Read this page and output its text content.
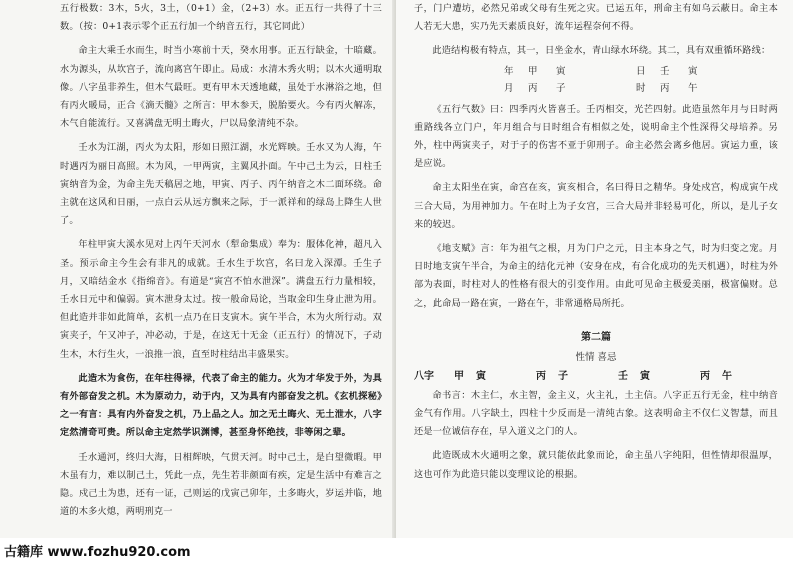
五行极数：3木，5火，3土，（0+1）金，（2+3）水。正五行一共得了十三数。（按：0+1表示零个正五行加一个纳音五行，其它同此）

命主大乘壬水而生，时当小寒前十天，癸水用事。正五行缺金，十暗藏。水为源头，从坎宫子，流向离宫午即止。局成：水清木秀火明；以木火通明取像。八字虽非养生，但木气最旺。更有甲木天透地藏，虽处于水淋浴之地，但有丙火暖局，正合《滴天髓》之所言：甲木参天，脱胎要火。今有丙火解冻，木气自能流行。又喜满盘无明土晦火，尸以局象清纯不杂。

壬水为江湖，丙火为太阳，形如日照江湖，水光辉映。壬水又为人海，午时遇丙为丽日高照。木为风，一甲两寅，主翼风扑面。午中己土为云，日柱壬寅纳音为金，为命主先天稿居之地，甲寅、丙子、丙午纳音之木二面环绕。命主就在这风和日丽，一点白云从远方飘来之际，于一派祥和的绿岛上降生人世了。

年柱甲寅大溪水见对上丙午天河水（犁命集成）奉为：服体化神，超凡入圣。预示命主今生会有非凡的成就。壬水生于坎宫，名曰龙入深潭。壬生子月，又暗结金水《指绵音》。有道是“寅宫不怕水泄深”。满盘五行力量相较，壬水日元中和偏弱。寅木泄身太过。按一般命局论，当取金印生身止泄为用。但此造并非如此简单，玄机一点乃在日支寅木。寅午半合，木为火所行动。双寅夹子，午又冲子，冲必动，于是，在这无十无金（正五行）的情况下，子动生木，木行生火，一浪推一浪，直至时柱结出丰盛果实。

此造木为食伤，在年柱得禄，代表了命主的能力。火为才华发于外，为具有外部奋发之机。木为原动力，动于内，又为具有内部奋发之机。《玄机探秘》之一有言：具有内外奋发之机，乃上品之人。加之无土晦火、无土泄水，八字定然清奇可贵。所以命主定然学识渊博，甚至身怀绝技，非等闲之辈。

壬水通河，终归大海，日相辉映，气贯天河。时中己土，是白望微暇。甲木虽有力，难以制己土，凭此一点，先生若非颜面有疾，定是生活中有难言之隐。戍己土为患，还有一证，己则运的戊寅己卯年，土多晦火，岁运并临，地道的木多火熄，两明刑克一

子，门户遭坊，必然兄弟或父母有生死之灾。已运五年，刑命主有如乌云蔽日。命主本人若无大患，实乃先天素质良好，流年运程奈何不得。

此造结构极有特点，其一，日坐金水，青山绿水环绕。其二，具有双重循环路线：

年	甲	寅	日	壬	寅
月	丙	子	时	丙	午

《五行气数》曰：四季丙火皆喜壬。壬丙相交，光芒四射。此造虽然年月与日时两重路线各立门户，年月组合与日时组合有相似之处，说明命主个性深得父母培养。另外，柱中两寅夹子，对于子的伤害不亚于卯刑子。命主必然会离乡他居。寅运力重，该是应说。

命主太阳坐在寅，命宫在亥，寅亥相合，名曰得日之精华。身处戍宫，构成寅午戍三合大局，为用神加力。午在时上为子女宫，三合大局并非轻易可化，所以，是儿子女来的较迟。

《地支赋》言：年为祖气之根，月为门户之元，日主本身之气，时为归变之宠。月日时地支寅午半合，为命主的结化元神（安身在戍，有合化成功的先天机遇），时柱为外部为表面，时柱对人的性格有很大的引变作用。由此可见命主极爱美丽，极富偏财。总之，此命局一路在寅，一路在午，非常通格局所托。

第二篇
性情 喜忌
八字	甲	寅	丙	子	壬	寅	丙	午

命书言：木主仁，水主智，金主义，火主礼，土主信。八字正五行无金，柱中纳音金气有作用。八字缺土，四柱十少反而是一清纯古象。这表明命主不仅仁义智慧，而且还是一位诚信存在，早入道义之门的人。

此造既成木火通明之象，就只能依此象而论，命主虽八字纯阳，但性情却很温厚，这也可作为此造只能以变理议论的根据。

古籍库 www.fozhu920.com
